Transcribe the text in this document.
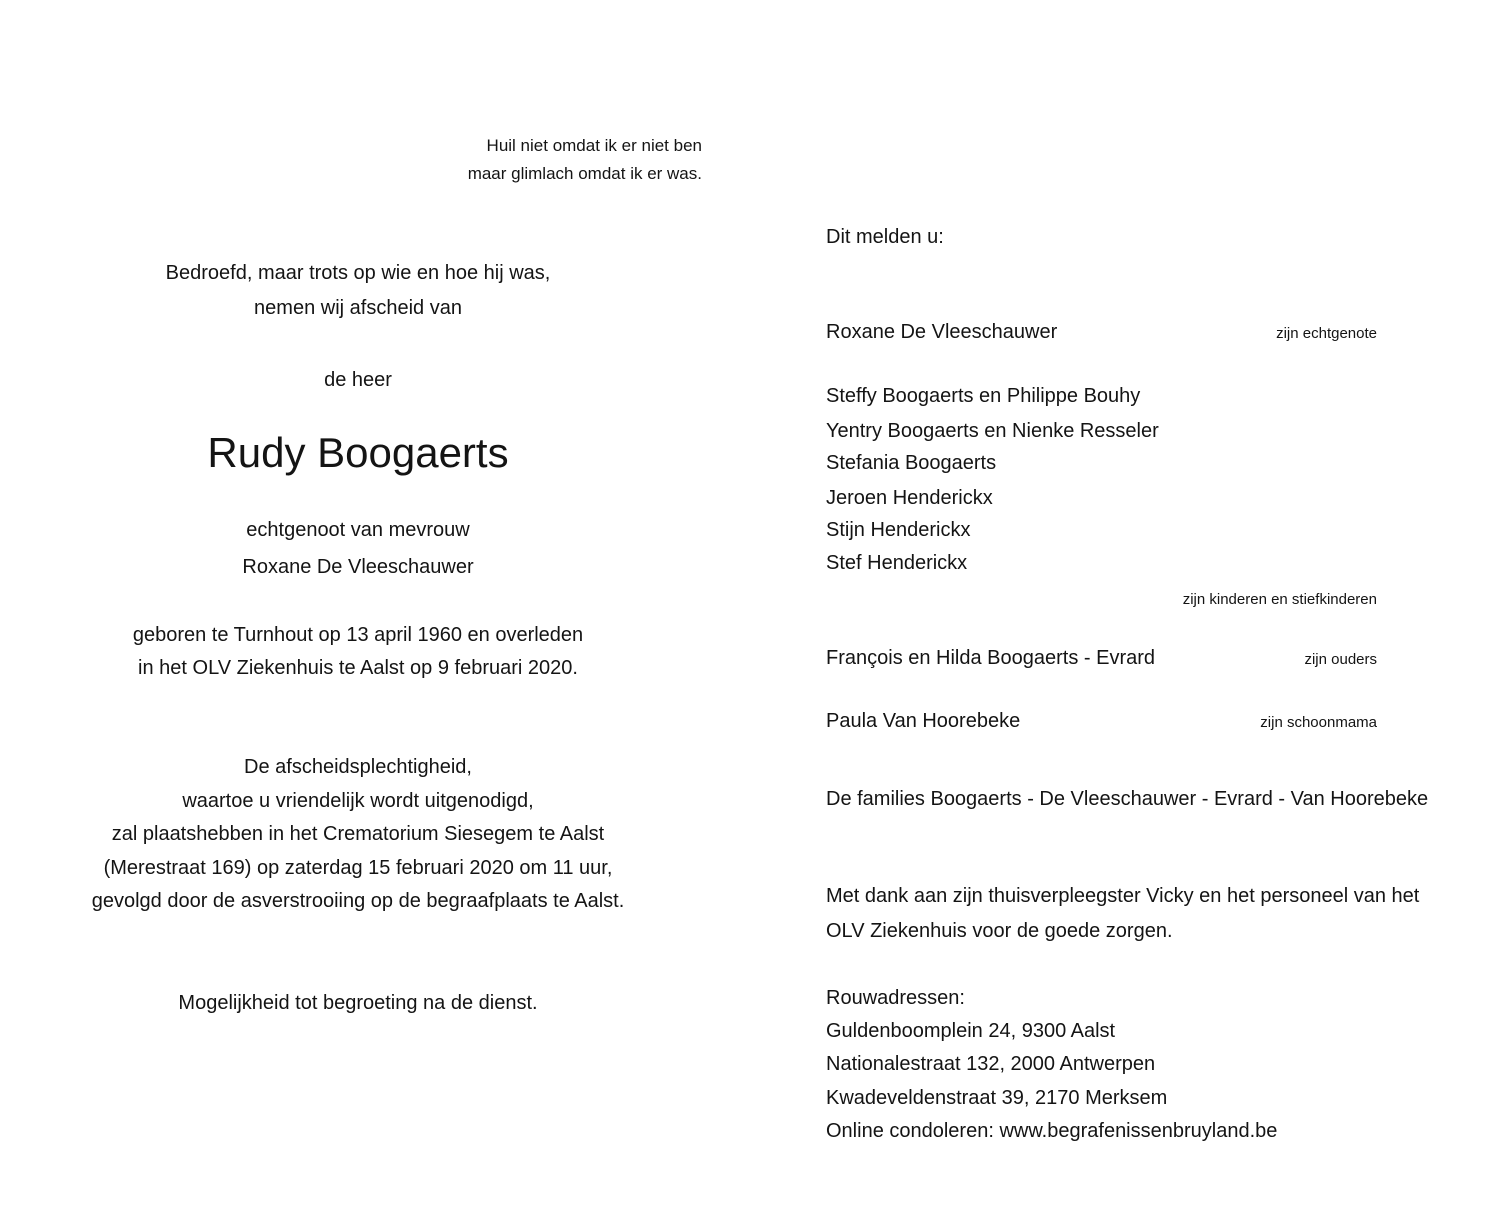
Huil niet omdat ik er niet ben
maar glimlach omdat ik er was.
Bedroefd, maar trots op wie en hoe hij was,
nemen wij afscheid van
de heer
Rudy Boogaerts
echtgenoot van mevrouw
Roxane De Vleeschauwer
geboren te Turnhout op 13 april 1960 en overleden
in het OLV Ziekenhuis te Aalst op 9 februari 2020.
De afscheidsplechtigheid,
waartoe u vriendelijk wordt uitgenodigd,
zal plaatshebben in het Crematorium Siesegem te Aalst
(Merestraat 169) op zaterdag 15 februari 2020 om 11 uur,
gevolgd door de asverstrooiing op de begraafplaats te Aalst.
Mogelijkheid tot begroeting na de dienst.
Dit melden u:
Roxane De Vleeschauwer	zijn echtgenote
Steffy Boogaerts en Philippe Bouhy
Yentry Boogaerts en Nienke Resseler
Stefania Boogaerts
Jeroen Henderickx
Stijn Henderickx
Stef Henderickx
zijn kinderen en stiefkinderen
François en Hilda Boogaerts - Evrard	zijn ouders
Paula Van Hoorebeke	zijn schoonmama
De families Boogaerts - De Vleeschauwer - Evrard - Van Hoorebeke
Met dank aan zijn thuisverpleegster Vicky en het personeel van het
OLV Ziekenhuis voor de goede zorgen.
Rouwadressen:
Guldenboomplein 24, 9300 Aalst
Nationalestraat 132, 2000 Antwerpen
Kwadeveldenstraat 39, 2170 Merksem
Online condoleren: www.begrafenissenbruyland.be
